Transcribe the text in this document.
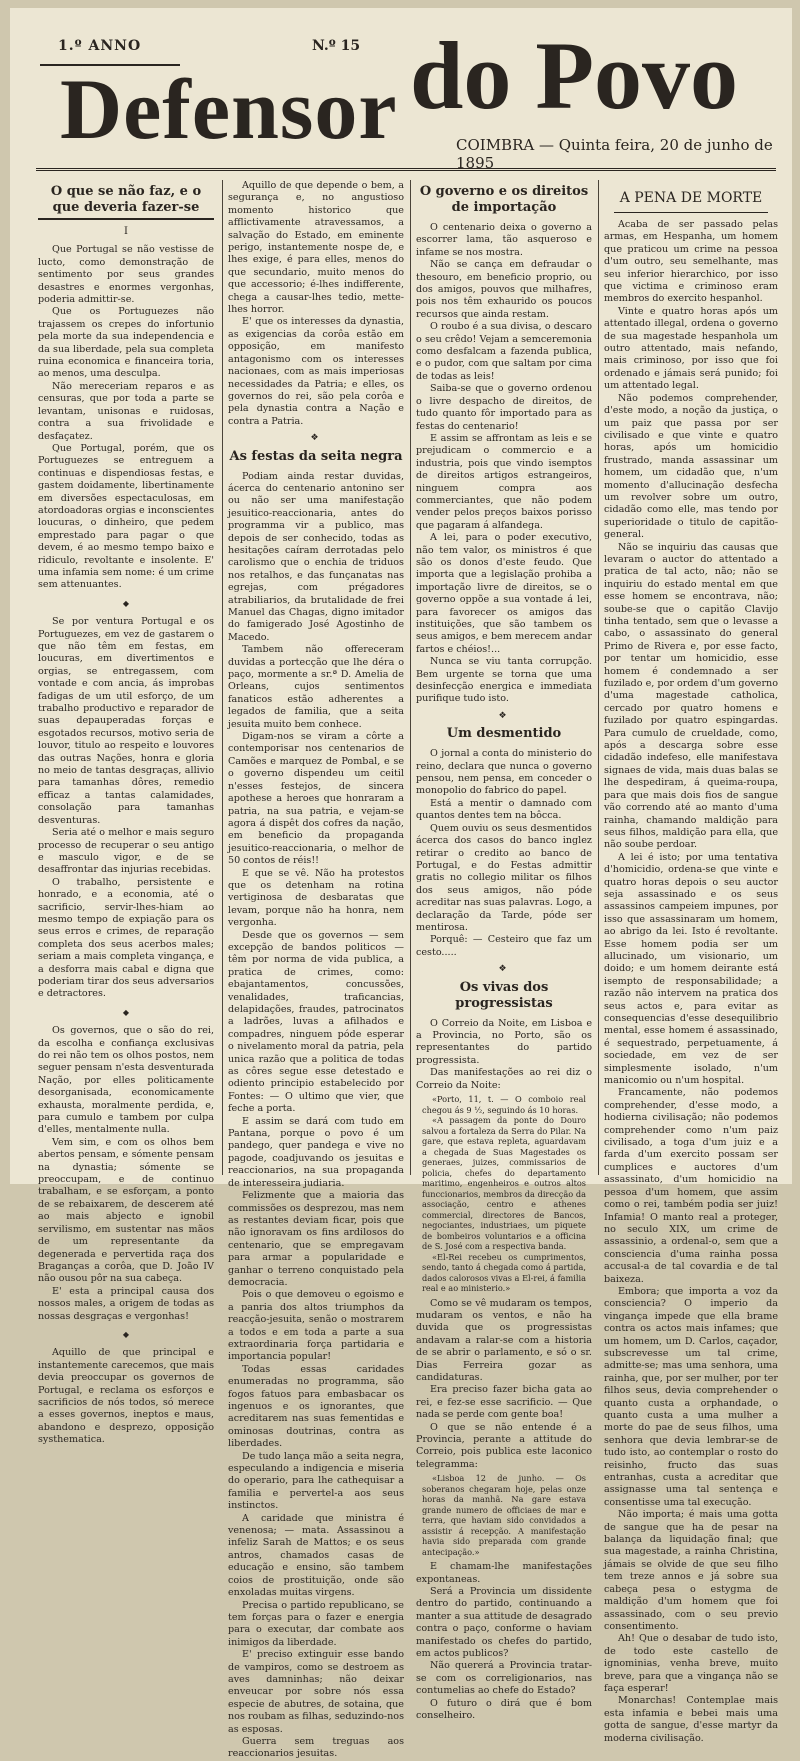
1.º ANNO	N.º 15
Defensor do Povo
COIMBRA — Quinta feira, 20 de junho de 1895
O que se não faz, e o que deveria fazer-se
I

Que Portugal se não vestisse de lucto, como demonstração de sentimento por seus grandes desastres e enormes vergonhas, poderia admittir-se.

Que os Portuguezes não trajassem os crepes do infortunio pela morte da sua independencia e da sua liberdade, pela sua completa ruina economica e financeira toria, ao menos, uma desculpa.

Não mereceriam reparos e as censuras, que por toda a parte se levantam, unisonas e ruidosas, contra a sua frivolidade e desfaçatez.

Que Portugal, porém, que os Portuguezes se entreguem a continuas e dispendiosas festas, e gastem doidamente, libertinamente em diversões espectaculosas, em atordoadoras orgias e inconscientes loucuras, o dinheiro, que pedem emprestado para pagar o que devem, é ao mesmo tempo baixo e ridiculo, revoltante e insolente. E' uma infamia sem nome: é um crime sem attenuantes.

◆

Se por ventura Portugal e os Portuguezes, em vez de gastarem o que não têm em festas, em loucuras, em divertimentos e orgias, se entregassem, com vontade e com ancia, ás improbas fadigas de um util esforço, de um trabalho productivo e reparador de suas depauperadas forças e esgotados recursos, motivo seria de louvor, titulo ao respeito e louvores das outras Nações, honra e gloria no meio de tantas desgraças, allivio para tamanhas dôres, remedio efficaz a tantas calamidades, consolação para tamanhas desventuras.

Seria até o melhor e mais seguro processo de recuperar o seu antigo e masculo vigor, e de se desaffrontar das injurias recebidas.

O trabalho, persistente e honrado, e a economia, até o sacrificio, servir-lhes-hiam ao mesmo tempo de expiação para os seus erros e crimes, de reparação completa dos seus acerbos males; seriam a mais completa vingança, e a desforra mais cabal e digna que poderiam tirar dos seus adversarios e detractores.

◆

Os governos, que o são do rei, da escolha e confiança exclusivas do rei não tem os olhos postos, nem seguer pensam n'esta desventurada Nação, por elles politicamente desorganisada, economicamente exhausta, moralmente perdida, e, para cumulo e tambem por culpa d'elles, mentalmente nulla.

Vem sim, e com os olhos bem abertos pensam, e sómente pensam na dynastia; sómente se preoccupam, e de continuo trabalham, e se esforçam, a ponto de se rebaixarem, de descerem até ao mais abjecto e ignobil servilismo, em sustentar nas mãos de um representante da degenerada e pervertida raça dos Braganças a corôa, que D. João IV não ousou pôr na sua cabeça.

E' esta a principal causa dos nossos males, a origem de todas as nossas desgraças e vergonhas!

◆

Aquillo de que principal e instantemente carecemos, que mais devia preoccupar os governos de Portugal, e reclama os esforços e sacrificios de nós todos, só merece a esses governos, ineptos e maus, abandono e desprezo, opposição systhematica.

Aquillo de que depende o bem, a segurança e, no angustioso momento historico que afflictivamente atravessamos, a salvação do Estado, em eminente perigo, instantemente nospe de, e lhes exige, é para elles, menos do que secundario, muito menos do que accessorio; é-lhes indifferente, chega a causar-lhes tedio, mette-lhes horror.

E' que os interesses da dynastia, as exigencias da corôa estão em opposição, em manifesto antagonismo com os interesses nacionaes, com as mais imperiosas necessidades da Patria; e elles, os governos do rei, são pela corôa e pela dynastia contra a Nação e contra a Patria.

❖
As festas da seita negra

Podiam ainda restar duvidas, ácerca do centenario antonino ser ou não ser uma manifestação jesuitico-reaccionaria, antes do programma vir a publico, mas depois de ser conhecido, todas as hesitações caíram derrotadas pelo carolismo que o enchia de triduos nos retalhos, e das funçanatas nas egrejas, com prégadores atrabiliarios, da brutalidade de frei Manuel das Chagas, digno imitador do famigerado José Agostinho de Macedo.

Tambem não offereceram duvidas a portecção que lhe déra o paço, mormente a sr.ª D. Amelia de Orleans, cujos sentimentos fanaticos estão adherentes a legados de familia, que a seita jesuita muito bem conhece.

Digam-nos se viram a côrte a contemporisar nos centenarios de Camões e marquez de Pombal, e se o governo dispendeu um ceitil n'esses festejos, de sincera apothese a heroes que honraram a patria, na sua patria, e vejam-se agora á dispêt dos cofres da nação, em beneficio da propaganda jesuitico-reaccionaria, o melhor de 50 contos de réis!!

E que se vê. Não ha protestos que os detenham na rotina vertiginosa de desbaratas que levam, porque não ha honra, nem vergonha.

Desde que os governos — sem excepção de bandos politicos — têm por norma de vida publica, a pratica de crimes, como: ebajantamentos, concussões, venalidades, traficancias, delapidações, fraudes, patrocinatos a ladrões, luvas a afilhados e compadres, ninguem póde esperar o nivelamento moral da patria, pela unica razão que a politica de todas as côres segue esse detestado e odiento principio estabelecido por Fontes: — O ultimo que vier, que feche a porta.

E assim se dará com tudo em Pantana, porque o povo é um pandego, quer pandega e vive no pagode, coadjuvando os jesuitas e reaccionarios, na sua propaganda de interesseira judiaria.

Felizmente que a maioria das commissões os desprezou, mas nem as restantes deviam ficar, pois que não ignoravam os fins ardilosos do centenario, que se empregavam para armar a popularidade e ganhar o terreno conquistado pela democracia.

Pois o que demoveu o egoismo e a panria dos altos triumphos da reacção-jesuita, senão o mostrarem a todos e em toda a parte a sua extraordinaria força partidaria e importancia popular!

Todas essas caridades enumeradas no programma, são fogos fatuos para embasbacar os ingenuos e os ignorantes, que acreditarem nas suas fementidas e ominosas doutrinas, contra as liberdades.

De tudo lança mão a seita negra, especulando a indigencia e miseria do operario, para lhe cathequisar a familia e pervertel-a aos seus instinctos.

A caridade que ministra é venenosa; — mata. Assassinou a infeliz Sarah de Mattos; e os seus antros, chamados casas de educação e ensino, são tambem coios de prostituição, onde são enxoladas muitas virgens.

Precisa o partido republicano, se tem forças para o fazer e energia para o executar, dar combate aos inimigos da liberdade.

E' preciso extinguir esse bando de vampiros, como se destroem as aves damninhas; não deixar enveucar por sobre nós essa especie de abutres, de sotaina, que nos roubam as filhas, seduzindo-nos as esposas.

Guerra sem treguas aos reaccionarios jesuitas.

O governo e os direitos de importação

O centenario deixa o governo a escorrer lama, tão asqueroso e infame se nos mostra.

Não se cança em defraudar o thesouro, em beneficio proprio, ou dos amigos, pouvos que milhafres, pois nos têm exhaurido os poucos recursos que ainda restam.

O roubo é a sua divisa, o descaro o seu crêdo! Vejam a semceremonia como desfalcam a fazenda publica, e o pudor, com que saltam por cima de todas as leis!

Saiba-se que o governo ordenou o livre despacho de direitos, de tudo quanto fôr importado para as festas do centenario!

E assim se affrontam as leis e se prejudicam o commercio e a industria, pois que vindo isemptos de direitos artigos estrangeiros, ninguem compra aos commerciantes, que não podem vender pelos preços baixos porisso que pagaram á alfandega.

A lei, para o poder executivo, não tem valor, os ministros é que são os donos d'este feudo. Que importa que a legislação prohiba a importação livre de direitos, se o governo oppõe a sua vontade á lei, para favorecer os amigos das instituições, que são tambem os seus amigos, e bem merecem andar fartos e chéios!...

Nunca se viu tanta corrupção. Bem urgente se torna que uma desinfecção energica e immediata purifique tudo isto.

❖
Um desmentido

O jornal a conta do ministerio do reino, declara que nunca o governo pensou, nem pensa, em conceder o monopolio do fabrico do papel.

Está a mentir o damnado com quantos dentes tem na bôcca.

Quem ouviu os seus desmentidos ácerca dos casos do banco inglez retirar o credito ao banco de Portugal, e do Festas admittir gratis no collegio militar os filhos dos seus amigos, não póde acreditar nas suas palavras. Logo, a declaração da Tarde, póde ser mentirosa.

Porquê: — Cesteiro que faz um cesto.....

❖
Os vivas dos progressistas

O Correio da Noite, em Lisboa e a Provincia, no Porto, são os representantes do partido progressista.

Das manifestações ao rei diz o Correio da Noite:

«Porto, 11, t. — O comboio real chegou ás 9 ½, seguindo ás 10 horas.

«A passagem da ponte do Douro salvou a fortaleza da Serra do Pilar. Na gare, que estava repleta, aguardavam a chegada de Suas Magestades os generaes, juizes, commissarios de policia, chefes do departamento maritimo, engenheiros e outros altos funccionarios, membros da direcção da associação, centro e athenes commercial, directores de Bancos, negociantes, industriaes, um piquete de bombeiros voluntarios e a officina de S. José com a respectiva banda.

«El-Rei recebeu os cumprimentos, sendo, tanto á chegada como á partida, dados calorosos vivas a El-rei, á familia real e ao ministerio.»

Como se vê mudaram os tempos, mudaram os ventos, e não ha duvida que os progressistas andavam a ralar-se com a historia de se abrir o parlamento, e só o sr. Dias Ferreira gozar as candidaturas.

Era preciso fazer bicha gata ao rei, e fez-se esse sacrificio. — Que nada se perde com gente boa!

O que se não entende é a Provincia, perante a attitude do Correio, pois publica este laconico telegramma:

«Lisboa 12 de junho. — Os soberanos chegaram hoje, pelas onze horas da manhã. Na gare estava grande numero de officiaes de mar e terra, que haviam sido convidados a assistir á recepção. A manifestação havia sido preparada com grande antecipação.»

E chamam-lhe manifestações expontaneas.

Será a Provincia um dissidente dentro do partido, continuando a manter a sua attitude de desagrado contra o paço, conforme o haviam manifestado os chefes do partido, em actos publicos?

Não quererá a Provincia tratar-se com os correligionarios, nas contumelias ao chefe do Estado?

O futuro o dirá que é bom conselheiro.

A PENA DE MORTE

Acaba de ser passado pelas armas, em Hespanha, um homem que praticou um crime na pessoa d'um outro, seu semelhante, mas seu inferior hierarchico, por isso que victima e criminoso eram membros do exercito hespanhol.

Vinte e quatro horas após um attentado illegal, ordena o governo de sua magestade hespanhola um outro attentado, mais nefando, mais criminoso, por isso que foi ordenado e jámais será punido; foi um attentado legal.

Não podemos comprehender, d'este modo, a noção da justiça, o um paiz que passa por ser civilisado e que vinte e quatro horas, após um homicidio frustrado, manda assassinar um homem, um cidadão que, n'um momento d'allucinação desfecha um revolver sobre um outro, cidadão como elle, mas tendo por superioridade o titulo de capitão-general.

Não se inquiriu das causas que levaram o auctor do attentado a pratica de tal acto, não; não se inquiriu do estado mental em que esse homem se encontrava, não; soube-se que o capitão Clavijo tinha tentado, sem que o levasse a cabo, o assassinato do general Primo de Rivera e, por esse facto, por tentar um homicidio, esse homem é condemnado a ser fuzilado e, por ordem d'um governo d'uma magestade catholica, cercado por quatro homens e fuzilado por quatro espingardas. Para cumulo de crueldade, como, após a descarga sobre esse cidadão indefeso, elle manifestava signaes de vida, mais duas balas se lhe despediram, á queima-roupa, para que mais dois fios de sangue vão correndo até ao manto d'uma rainha, chamando maldição para seus filhos, maldição para ella, que não soube perdoar.

A lei é isto; por uma tentativa d'homicidio, ordena-se que vinte e quatro horas depois o seu auctor seja assassinado e os seus assassinos campeiem impunes, por isso que assassinaram um homem, ao abrigo da lei. Isto é revoltante. Esse homem podia ser um allucinado, um visionario, um doido; e um homem deirante está isempto de responsabilidade; a razão não intervem na pratica dos seus actos e, para evitar as consequencias d'esse desequilibrio mental, esse homem é assassinado, é sequestrado, perpetuamente, á sociedade, em vez de ser simplesmente isolado, n'um manicomio ou n'um hospital.

Francamente, não podemos comprehender, d'esse modo, a hodierna civilisação; não podemos comprehender como n'um paiz civilisado, a toga d'um juiz e a farda d'um exercito possam ser cumplices e auctores d'um assassinato, d'um homicidio na pessoa d'um homem, que assim como o rei, também podia ser juiz! Infamia! O manto real a proteger, no seculo XIX, um crime de assassinio, a ordenal-o, sem que a consciencia d'uma rainha possa accusal-a de tal covardia e de tal baixeza.

Embora; que importa a voz da consciencia? O imperio da vingança impede que ella brame contra os actos mais infames; que um homem, um D. Carlos, caçador, subscrevesse um tal crime, admitte-se; mas uma senhora, uma rainha, que, por ser mulher, por ter filhos seus, devia comprehender o quanto custa a orphandade, o quanto custa a uma mulher a morte do pae de seus filhos, uma senhora que devia lembrar-se de tudo isto, ao contemplar o rosto do reisinho, fructo das suas entranhas, custa a acreditar que assignasse uma tal sentença e consentisse uma tal execução.

Não importa; é mais uma gotta de sangue que ha de pesar na balança da liquidação final; que sua magestade, a rainha Christina, jámais se olvide de que seu filho tem treze annos e já sobre sua cabeça pesa o estygma de maldição d'um homem que foi assassinado, com o seu previo consentimento.

Ah! Que o desabar de tudo isto, de todo este castello de ignominias, venha breve, muito breve, para que a vingança não se faça esperar!

Monarchas! Contemplae mais esta infamia e bebei mais uma gotta de sangue, d'esse martyr da moderna civilisação.
